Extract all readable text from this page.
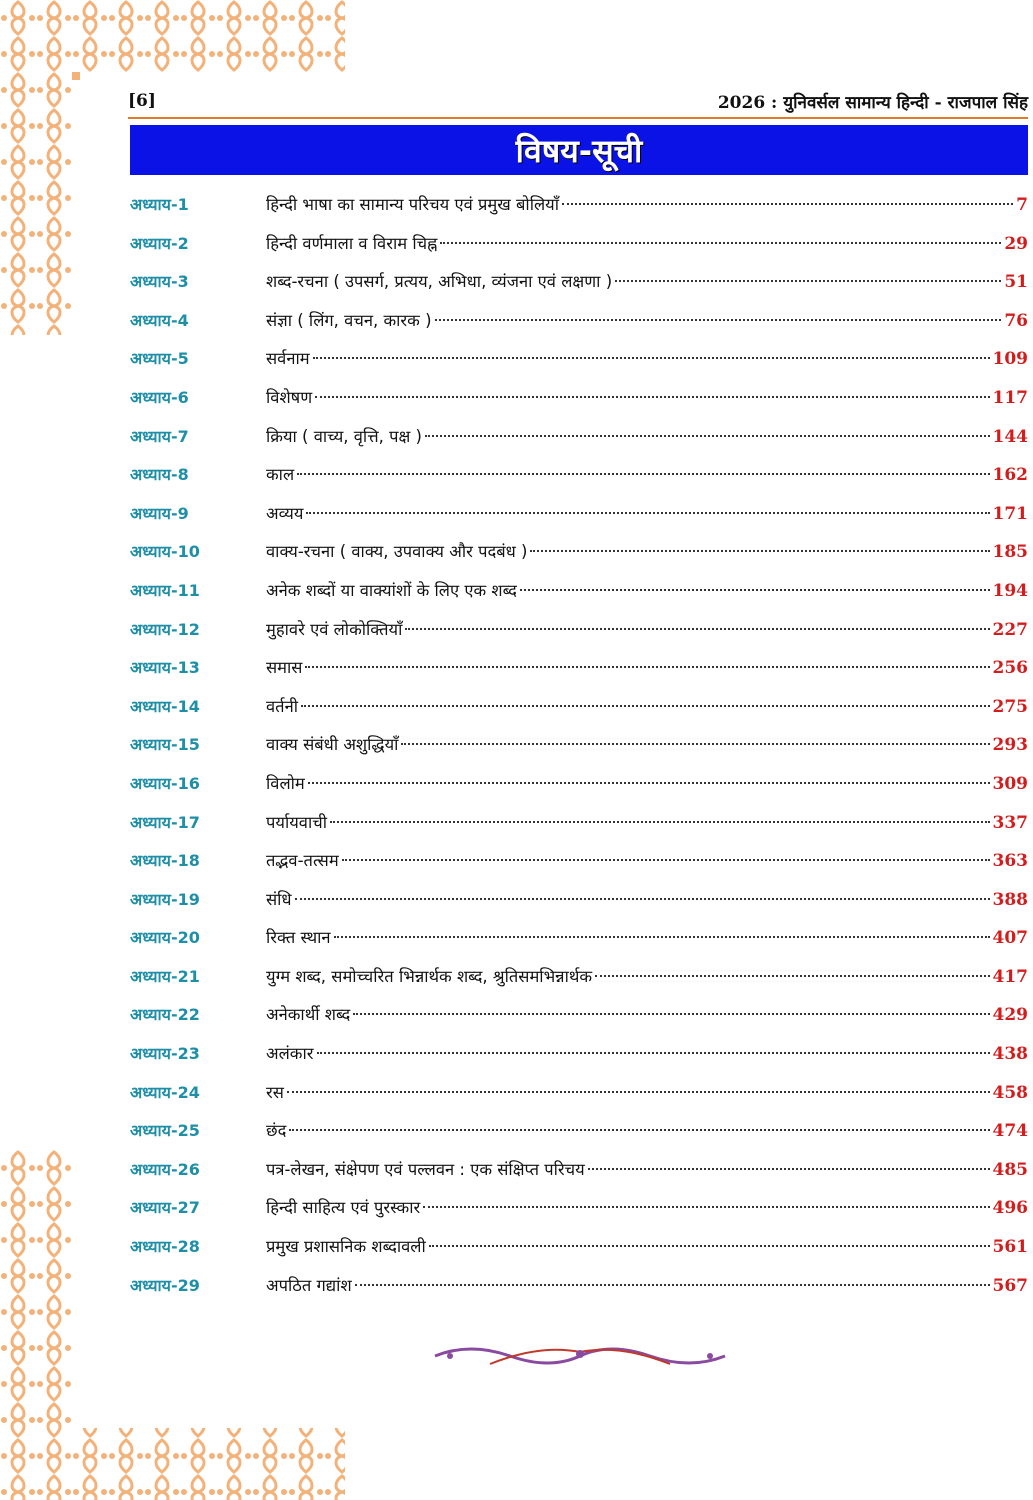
[6]	2026 : युनिवर्सल सामान्य हिन्दी - राजपाल सिंह
विषय-सूची
अध्याय-1	हिन्दी भाषा का सामान्य परिचय एवं प्रमुख बोलियाँ	7
अध्याय-2	हिन्दी वर्णमाला व विराम चिह्न	29
अध्याय-3	शब्द-रचना ( उपसर्ग, प्रत्यय, अभिधा, व्यंजना एवं लक्षणा )	51
अध्याय-4	संज्ञा ( लिंग, वचन, कारक )	76
अध्याय-5	सर्वनाम	109
अध्याय-6	विशेषण	117
अध्याय-7	क्रिया ( वाच्य, वृत्ति, पक्ष )	144
अध्याय-8	काल	162
अध्याय-9	अव्यय	171
अध्याय-10	वाक्य-रचना ( वाक्य, उपवाक्य और पदबंध )	185
अध्याय-11	अनेक शब्दों या वाक्यांशों के लिए एक शब्द	194
अध्याय-12	मुहावरे एवं लोकोक्तियाँ	227
अध्याय-13	समास	256
अध्याय-14	वर्तनी	275
अध्याय-15	वाक्य संबंधी अशुद्धियाँ	293
अध्याय-16	विलोम	309
अध्याय-17	पर्यायवाची	337
अध्याय-18	तद्भव-तत्सम	363
अध्याय-19	संधि	388
अध्याय-20	रिक्त स्थान	407
अध्याय-21	युग्म शब्द, समोच्चरित भिन्नार्थक शब्द, श्रुतिसमभिन्नार्थक	417
अध्याय-22	अनेकार्थी शब्द	429
अध्याय-23	अलंकार	438
अध्याय-24	रस	458
अध्याय-25	छंद	474
अध्याय-26	पत्र-लेखन, संक्षेपण एवं पल्लवन : एक संक्षिप्त परिचय	485
अध्याय-27	हिन्दी साहित्य एवं पुरस्कार	496
अध्याय-28	प्रमुख प्रशासनिक शब्दावली	561
अध्याय-29	अपठित गद्यांश	567
